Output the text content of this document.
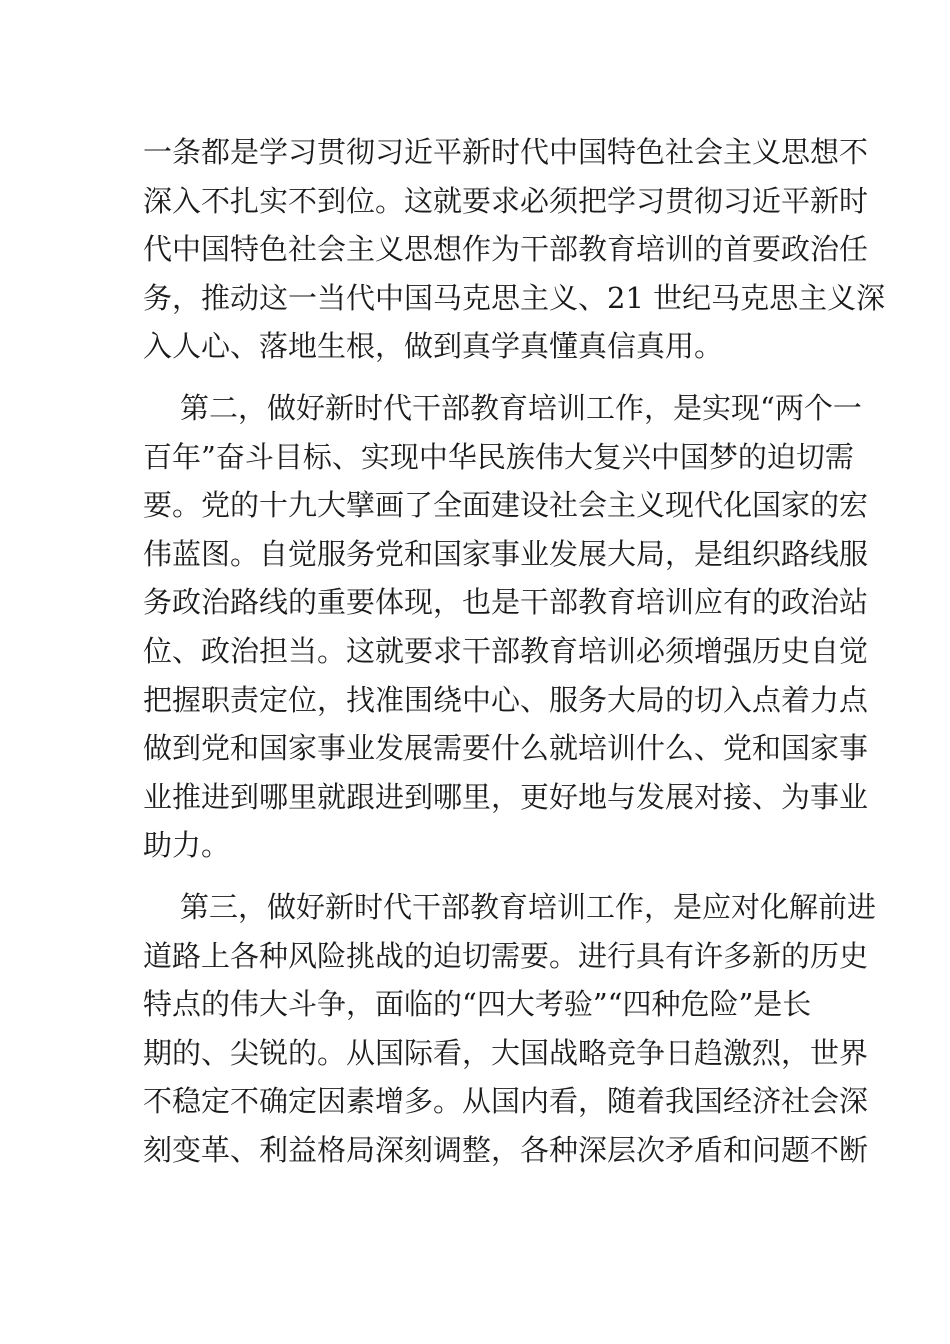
一条都是学习贯彻习近平新时代中国特色社会主义思想不
深入不扎实不到位。这就要求必须把学习贯彻习近平新时
代中国特色社会主义思想作为干部教育培训的首要政治任
务，推动这一当代中国马克思主义、21 世纪马克思主义深
入人心、落地生根，做到真学真懂真信真用。
第二，做好新时代干部教育培训工作，是实现“两个一
百年”奋斗目标、实现中华民族伟大复兴中国梦的迫切需
要。党的十九大擘画了全面建设社会主义现代化国家的宏
伟蓝图。自觉服务党和国家事业发展大局，是组织路线服
务政治路线的重要体现，也是干部教育培训应有的政治站
位、政治担当。这就要求干部教育培训必须增强历史自觉
把握职责定位，找准围绕中心、服务大局的切入点着力点
做到党和国家事业发展需要什么就培训什么、党和国家事
业推进到哪里就跟进到哪里，更好地与发展对接、为事业
助力。
第三，做好新时代干部教育培训工作，是应对化解前进
道路上各种风险挑战的迫切需要。进行具有许多新的历史
特点的伟大斗争，面临的“四大考验”“四种危险”是长
期的、尖锐的。从国际看，大国战略竞争日趋激烈，世界
不稳定不确定因素增多。从国内看，随着我国经济社会深
刻变革、利益格局深刻调整，各种深层次矛盾和问题不断
